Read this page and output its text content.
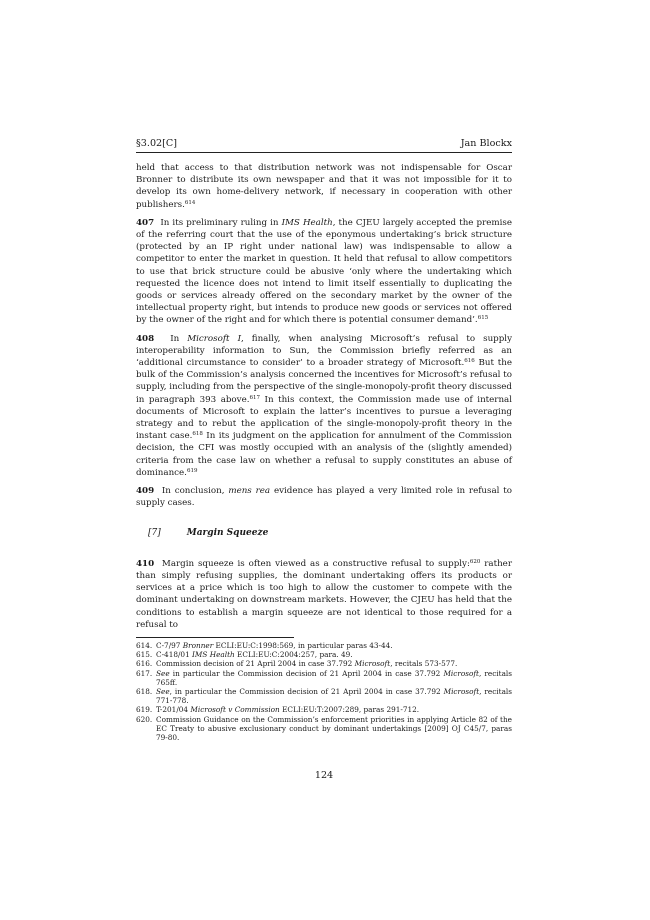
§3.02[C]	Jan Blockx

held that access to that distribution network was not indispensable for Oscar Bronner to distribute its own newspaper and that it was not impossible for it to develop its own home-delivery network, if necessary in cooperation with other publishers.$^{614}$

407 In its preliminary ruling in IMS Health, the CJEU largely accepted the premise of the referring court that the use of the eponymous undertaking’s brick structure (protected by an IP right under national law) was indispensable to allow a competitor to enter the market in question. It held that refusal to allow competitors to use that brick structure could be abusive ‘only where the undertaking which requested the licence does not intend to limit itself essentially to duplicating the goods or services already offered on the secondary market by the owner of the intellectual property right, but intends to produce new goods or services not offered by the owner of the right and for which there is potential consumer demand’.$^{615}$

408 In Microsoft I, finally, when analysing Microsoft’s refusal to supply interoperability information to Sun, the Commission briefly referred as an ‘additional circumstance to consider’ to a broader strategy of Microsoft.$^{616}$ But the bulk of the Commission’s analysis concerned the incentives for Microsoft’s refusal to supply, including from the perspective of the single-monopoly-profit theory discussed in paragraph 393 above.$^{617}$ In this context, the Commission made use of internal documents of Microsoft to explain the latter’s incentives to pursue a leveraging strategy and to rebut the application of the single-monopoly-profit theory in the instant case.$^{618}$ In its judgment on the application for annulment of the Commission decision, the CFI was mostly occupied with an analysis of the (slightly amended) criteria from the case law on whether a refusal to supply constitutes an abuse of dominance.$^{619}$

409 In conclusion, mens rea evidence has played a very limited role in refusal to supply cases.

[7]	Margin Squeeze

410 Margin squeeze is often viewed as a constructive refusal to supply:$^{620}$ rather than simply refusing supplies, the dominant undertaking offers its products or services at a price which is too high to allow the customer to compete with the dominant undertaking on downstream markets. However, the CJEU has held that the conditions to establish a margin squeeze are not identical to those required for a refusal to

614. C-7/97 Bronner ECLI:EU:C:1998:569, in particular paras 43-44.
615. C-418/01 IMS Health ECLI:EU:C:2004:257, para. 49.
616. Commission decision of 21 April 2004 in case 37.792 Microsoft, recitals 573-577.
617. See in particular the Commission decision of 21 April 2004 in case 37.792 Microsoft, recitals 765ff.
618. See, in particular the Commission decision of 21 April 2004 in case 37.792 Microsoft, recitals 771-778.
619. T-201/04 Microsoft v Commission ECLI:EU:T:2007:289, paras 291-712.
620. Commission Guidance on the Commission’s enforcement priorities in applying Article 82 of the EC Treaty to abusive exclusionary conduct by dominant undertakings [2009] OJ C45/7, paras 79-80.
124
